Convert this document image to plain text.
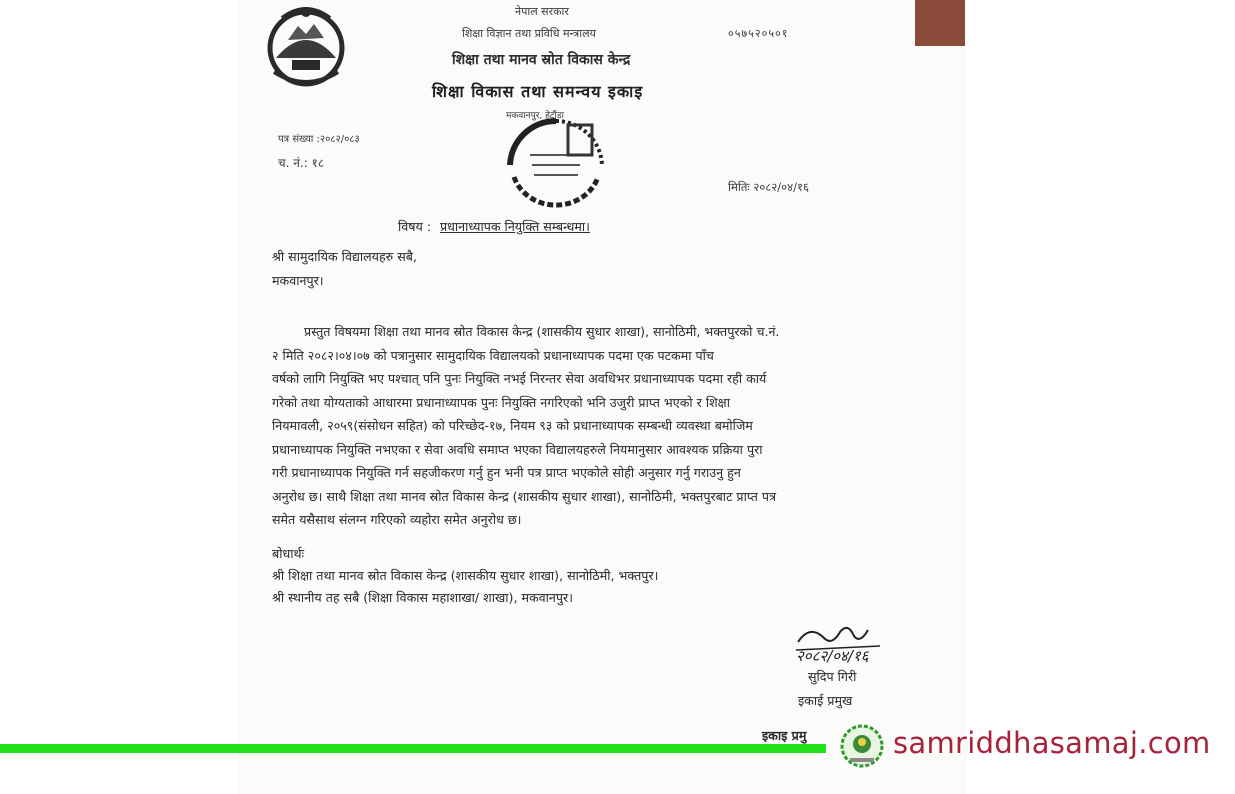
नेपाल सरकार
शिक्षा विज्ञान तथा प्रविधि मन्त्रालय	०५७५२०५०१
शिक्षा तथा मानव स्रोत विकास केन्द्र
शिक्षा विकास तथा समन्वय इकाइ
मकवानपुर, हेटौंडा
पत्र संख्या :२०८२/०८३
च. नं.: १८
मितिः २०८२/०४/१६
विषय : प्रधानाध्यापक नियुक्ति सम्बन्धमा।
श्री सामुदायिक विद्यालयहरु सबै,
मकवानपुर।
प्रस्तुत विषयमा शिक्षा तथा मानव स्रोत विकास केन्द्र (शासकीय सुधार शाखा), सानोठिमी, भक्तपुरको च.नं.
२ मिति २०८२।०४।०७ को पत्रानुसार सामुदायिक विद्यालयको प्रधानाध्यापक पदमा एक पटकमा पाँच
वर्षको लागि नियुक्ति भए पश्चात् पनि पुनः नियुक्ति नभई निरन्तर सेवा अवधिभर प्रधानाध्यापक पदमा रही कार्य
गरेको तथा योग्यताको आधारमा प्रधानाध्यापक पुनः नियुक्ति नगरिएको भनि उजुरी प्राप्त भएको र शिक्षा
नियमावली, २०५९(संसोधन सहित) को परिच्छेद-१७, नियम ९३ को प्रधानाध्यापक सम्बन्धी व्यवस्था बमोजिम
प्रधानाध्यापक नियुक्ति नभएका र सेवा अवधि समाप्त भएका विद्यालयहरुले नियमानुसार आवश्यक प्रक्रिया पुरा
गरी प्रधानाध्यापक नियुक्ति गर्न सहजीकरण गर्नु हुन भनी पत्र प्राप्त भएकोले सोही अनुसार गर्नु गराउनु हुन
अनुरोध छ। साथै शिक्षा तथा मानव स्रोत विकास केन्द्र (शासकीय सुधार शाखा), सानोठिमी, भक्तपुरबाट प्राप्त पत्र
समेत यसैसाथ संलग्न गरिएको व्यहोरा समेत अनुरोध छ।
बोधार्थः
श्री शिक्षा तथा मानव स्रोत विकास केन्द्र (शासकीय सुधार शाखा), सानोठिमी, भक्तपुर।
श्री स्थानीय तह सबै (शिक्षा विकास महाशाखा/ शाखा), मकवानपुर।
२०८२/०४/१६
सुदिप गिरी
इकाई प्रमुख
इकाइ प्रमु	samriddhasamaj.com
